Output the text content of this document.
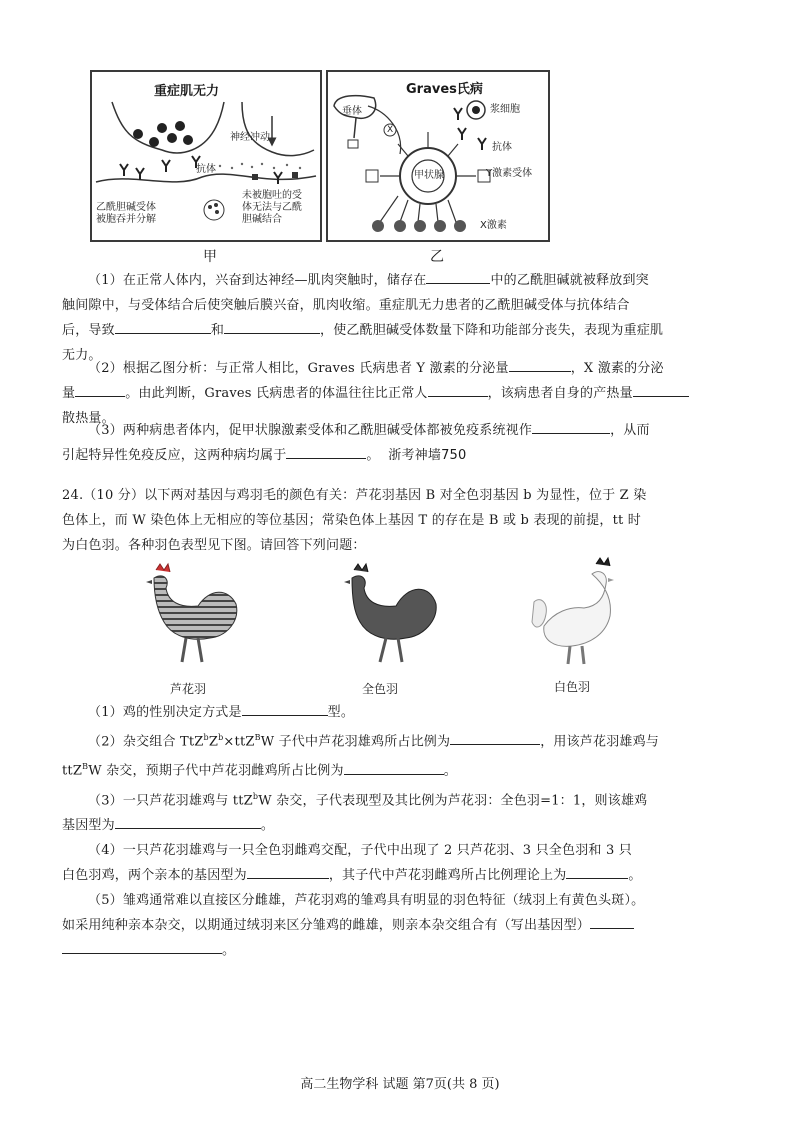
重症肌无力
神经冲动
抗体
乙酰胆碱受体
被胞吞并分解
未被胞吐的受
体无法与乙酰
胆碱结合
Graves氏病
垂体
X
浆细胞
抗体
Y激素受体
甲状腺
X激素
甲	乙
（1）在正常人体内，兴奋到达神经—肌肉突触时，储存在	中的乙酰胆碱就被释放到突
触间隙中，与受体结合后使突触后膜兴奋，肌肉收缩。重症肌无力患者的乙酰胆碱受体与抗体结合
后，导致	和	，使乙酰胆碱受体数量下降和功能部分丧失，表现为重症肌
无力。
（2）根据乙图分析：与正常人相比，Graves 氏病患者 Y 激素的分泌量	，X 激素的分泌
量	。由此判断，Graves 氏病患者的体温往往比正常人	，该病患者自身的产热量
散热量。
（3）两种病患者体内，促甲状腺激素受体和乙酰胆碱受体都被免疫系统视作	，从而
引起特异性免疫反应，这两种病均属于	。 浙考神墙750
24.（10 分）以下两对基因与鸡羽毛的颜色有关：芦花羽基因 B 对全色羽基因 b 为显性，位于 Z 染
色体上，而 W 染色体上无相应的等位基因；常染色体上基因 T 的存在是 B 或 b 表现的前提，tt 时
为白色羽。各种羽色表型见下图。请回答下列问题：
芦花羽	全色羽	白色羽
（1）鸡的性别决定方式是	型。
（2）杂交组合 $TtZ^bZ^b\times ttZ^BW$ 子代中芦花羽雄鸡所占比例为	，用该芦花羽雄鸡与
ttZ$^B$W 杂交，预期子代中芦花羽雌鸡所占比例为	。
（3）一只芦花羽雄鸡与 ttZ$^b$W 杂交，子代表现型及其比例为芦花羽：全色羽=1：1，则该雄鸡
基因型为	。
（4）一只芦花羽雄鸡与一只全色羽雌鸡交配，子代中出现了 2 只芦花羽、3 只全色羽和 3 只
白色羽鸡，两个亲本的基因型为	，其子代中芦花羽雌鸡所占比例理论上为	。
（5）雏鸡通常难以直接区分雌雄，芦花羽鸡的雏鸡具有明显的羽色特征（绒羽上有黄色头斑）。
如采用纯种亲本杂交，以期通过绒羽来区分雏鸡的雌雄，则亲本杂交组合有（写出基因型）
。
高二生物学科 试题 第7页(共 8 页)
